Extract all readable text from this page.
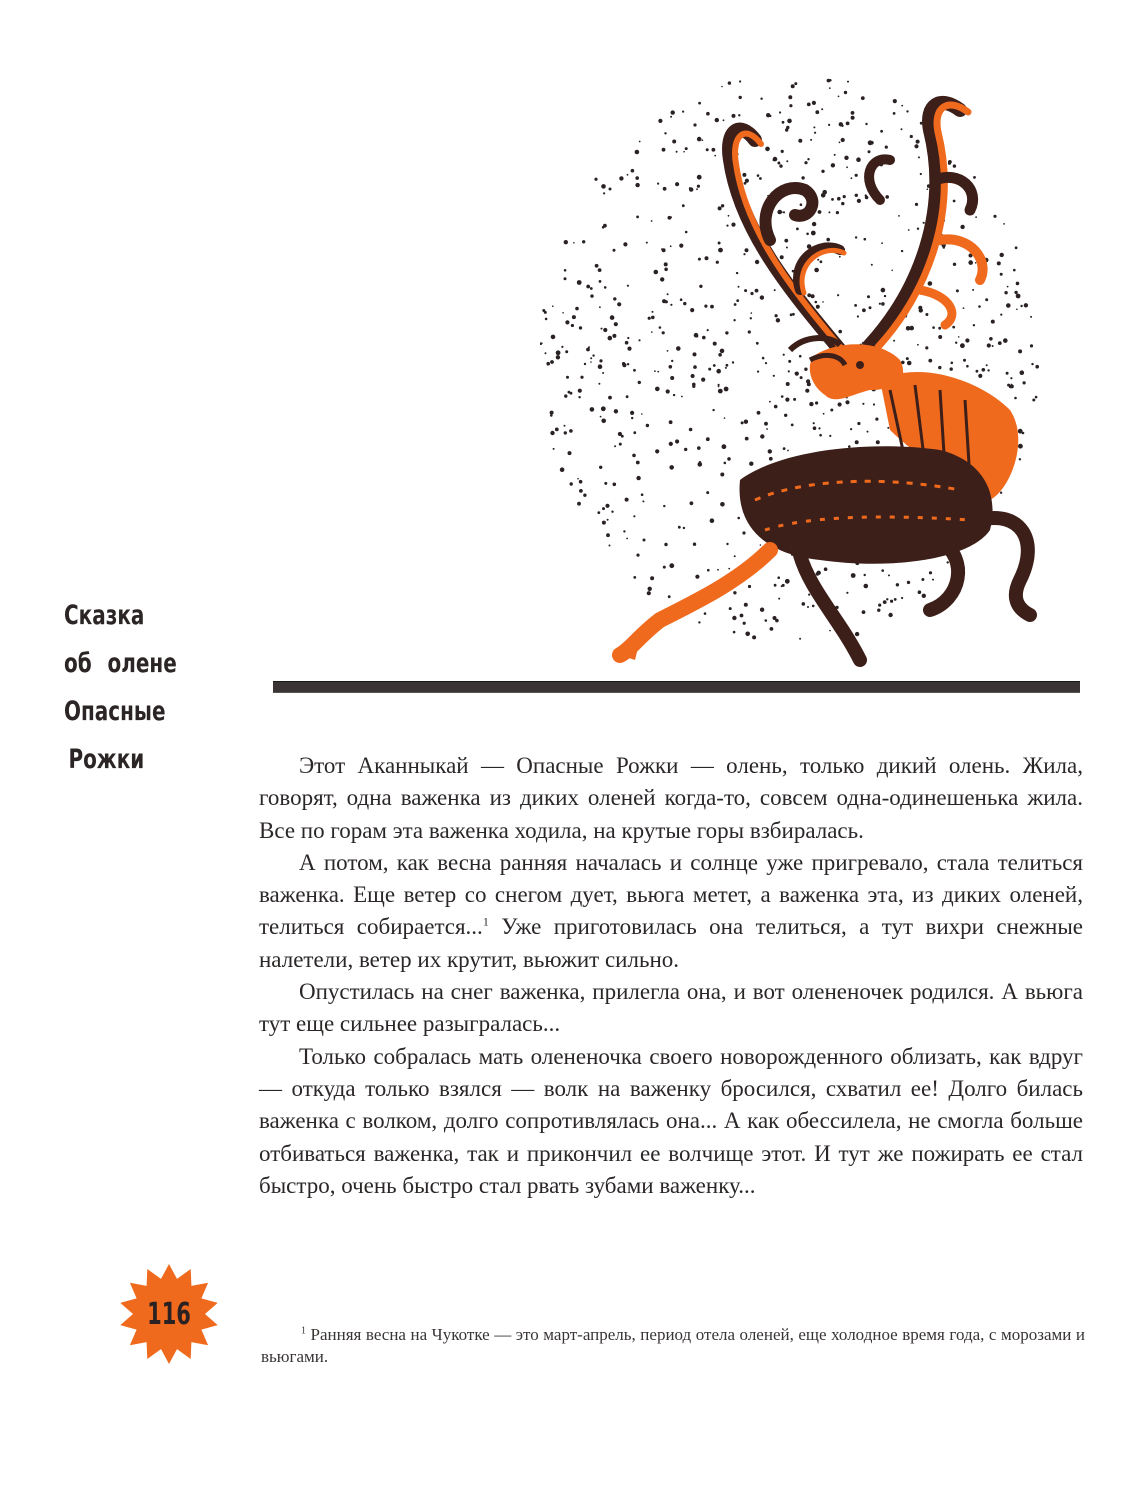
Сказка
об оленe
Опасные
Рожки	Этот Аканныкай — Опасные Рожки — олень, только дикий олень. Жила, говорят, одна важенка из диких оленей когда-то, совсем одна-одинешенька жила. Все по горам эта важенка ходила, на крутые горы взбиралась.

А потом, как весна ранняя началась и солнце уже пригревало, стала телиться важенка. Еще ветер со снегом дует, вьюга метет, а важенка эта, из диких оленей, телиться собирается...$^1$ Уже приготовилась она телиться, а тут вихри снежные налетели, ветер их крутит, вьюжит сильно.

Опустилась на снег важенка, прилегла она, и вот олененочек родился. А вьюга тут еще сильнее разыгралась...

Только собралась мать олененочка своего новорожденного облизать, как вдруг — откуда только взялся — волк на важенку бросился, схватил ее! Долго билась важенка с волком, долго сопротивлялась она... А как обессилела, не смогла больше отбиваться важенка, так и прикончил ее волчище этот. И тут же пожирать ее стал быстро, очень быстро стал рвать зубами важенку...

$^1$ Ранняя весна на Чукотке — это март-апрель, период отела оленей, еще холодное время года, с морозами и вьюгами.

116
